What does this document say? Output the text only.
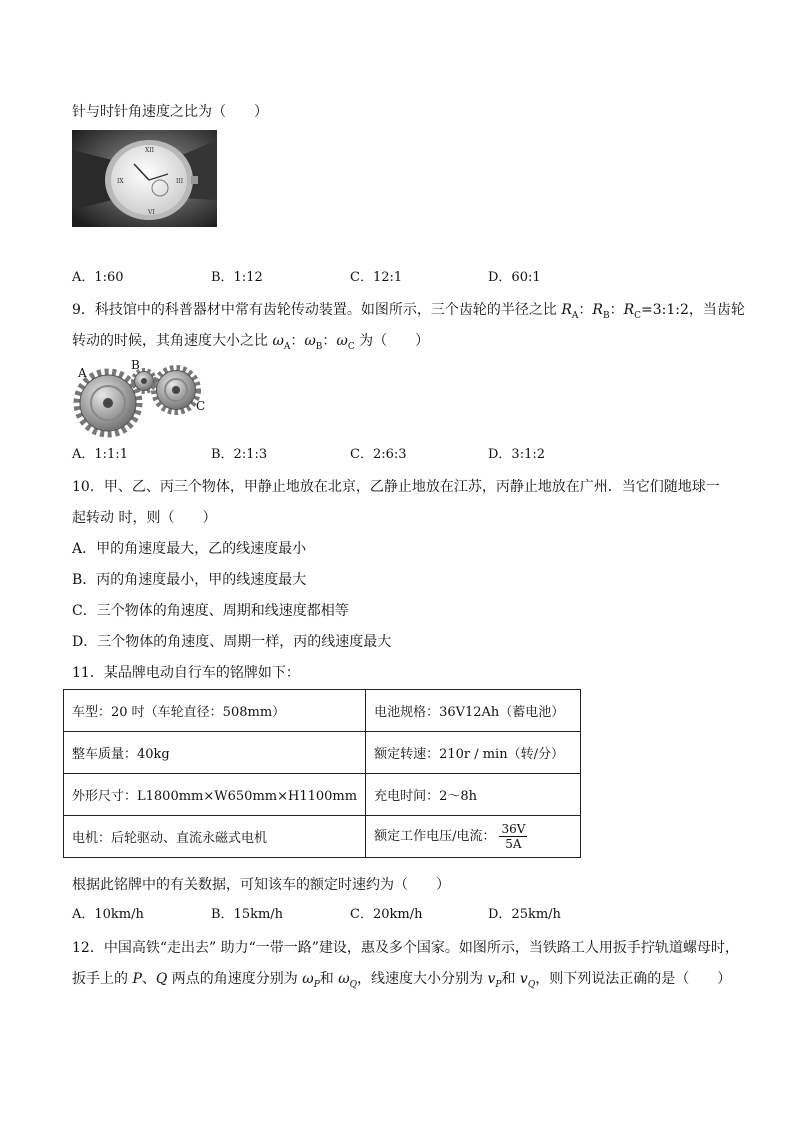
针与时针角速度之比为（　　）
XII
III
VI
IX
A．1:60	B．1:12	C．12:1	D．60:1
9．科技馆中的科普器材中常有齿轮传动装置。如图所示，三个齿轮的半径之比 $R_A$：$R_B$：$R_C=3:1:2$，当齿轮
转动的时候，其角速度大小之比 $\omega_A$：$\omega_B$：$\omega_C$ 为（　　）
A
B
C
A．1:1:1	B．2:1:3	C．2:6:3	D．3:1:2
10．甲、乙、丙三个物体，甲静止地放在北京，乙静止地放在江苏，丙静止地放在广州．当它们随地球一
起转动 时，则（　　）
A．甲的角速度最大，乙的线速度最小
B．丙的角速度最小，甲的线速度最大
C．三个物体的角速度、周期和线速度都相等
D．三个物体的角速度、周期一样，丙的线速度最大
11．某品牌电动自行车的铭牌如下：
车型：20 吋（车轮直径：508mm）	电池规格：36V12Ah（蓄电池）
整车质量：40kg	额定转速：210r / min（转/分）
外形尺寸：L1800mm×W650mm×H1100mm	充电时间：2～8h
电机：后轮驱动、直流永磁式电机	额定工作电压/电流： $\frac{36V}{5A}$
根据此铭牌中的有关数据，可知该车的额定时速约为（　　）
A．10km/h	B．15km/h	C．20km/h	D．25km/h
12．中国高铁“走出去” 助力“一带一路”建设，惠及多个国家。如图所示，当铁路工人用扳手拧轨道螺母时，
扳手上的 P、Q 两点的角速度分别为 $\omega_P$和 $\omega_Q$，线速度大小分别为 $v_P$和 $v_Q$，则下列说法正确的是（　　）
